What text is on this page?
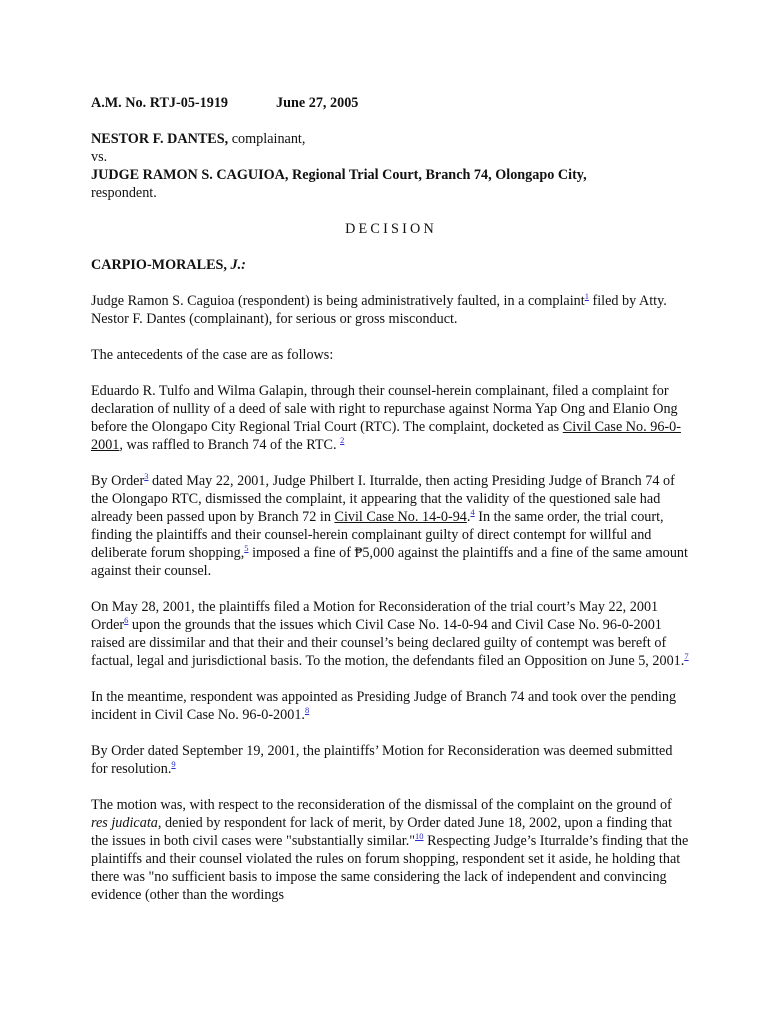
A.M. No. RTJ-05-1919	June 27, 2005
NESTOR F. DANTES, complainant,
vs.
JUDGE RAMON S. CAGUIOA, Regional Trial Court, Branch 74, Olongapo City,
respondent.
DECISION

CARPIO-MORALES, J.:

Judge Ramon S. Caguioa (respondent) is being administratively faulted, in a complaint$^1$ filed by Atty. Nestor F. Dantes (complainant), for serious or gross misconduct.

The antecedents of the case are as follows:

Eduardo R. Tulfo and Wilma Galapin, through their counsel-herein complainant, filed a complaint for declaration of nullity of a deed of sale with right to repurchase against Norma Yap Ong and Elanio Ong before the Olongapo City Regional Trial Court (RTC). The complaint, docketed as Civil Case No. 96-0-2001, was raffled to Branch 74 of the RTC. $^2$

By Order$^3$ dated May 22, 2001, Judge Philbert I. Iturralde, then acting Presiding Judge of Branch 74 of the Olongapo RTC, dismissed the complaint, it appearing that the validity of the questioned sale had already been passed upon by Branch 72 in Civil Case No. 14-0-94.$^4$ In the same order, the trial court, finding the plaintiffs and their counsel-herein complainant guilty of direct contempt for willful and deliberate forum shopping,$^5$ imposed a fine of ₱5,000 against the plaintiffs and a fine of the same amount against their counsel.

On May 28, 2001, the plaintiffs filed a Motion for Reconsideration of the trial court’s May 22, 2001 Order$^6$ upon the grounds that the issues which Civil Case No. 14-0-94 and Civil Case No. 96-0-2001 raised are dissimilar and that their and their counsel’s being declared guilty of contempt was bereft of factual, legal and jurisdictional basis. To the motion, the defendants filed an Opposition on June 5, 2001.$^7$

In the meantime, respondent was appointed as Presiding Judge of Branch 74 and took over the pending incident in Civil Case No. 96-0-2001.$^8$

By Order dated September 19, 2001, the plaintiffs’ Motion for Reconsideration was deemed submitted for resolution.$^9$

The motion was, with respect to the reconsideration of the dismissal of the complaint on the ground of res judicata, denied by respondent for lack of merit, by Order dated June 18, 2002, upon a finding that the issues in both civil cases were "substantially similar."$^{10}$ Respecting Judge’s Iturralde’s finding that the plaintiffs and their counsel violated the rules on forum shopping, respondent set it aside, he holding that there was "no sufficient basis to impose the same considering the lack of independent and convincing evidence (other than the wordings
